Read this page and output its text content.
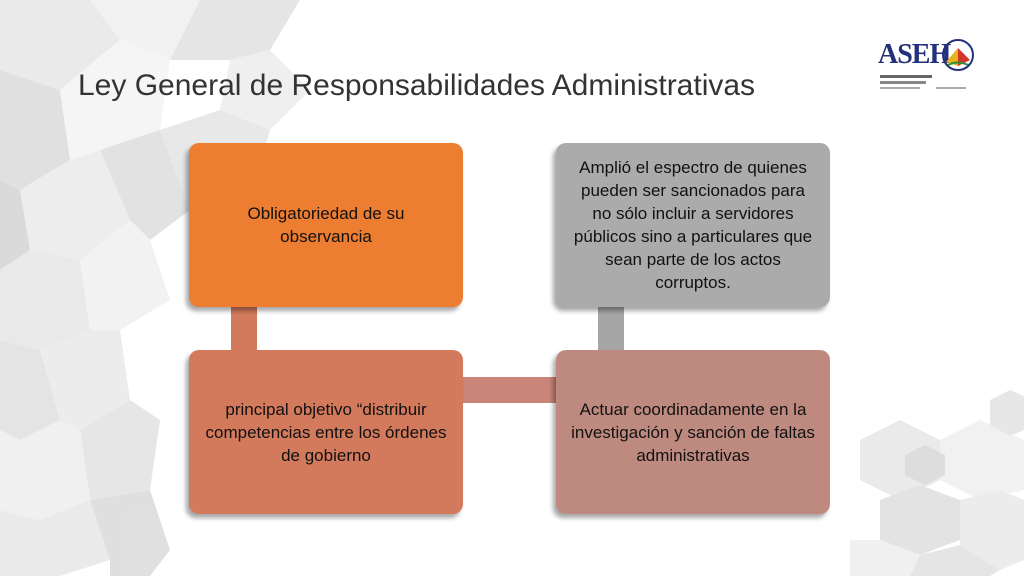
Ley General de Responsabilidades Administrativas
ASEH
Obligatoriedad de su observancia
principal objetivo “distribuir competencias entre los órdenes de gobierno
Amplió el espectro de quienes pueden ser sancionados para no sólo incluir a servidores públicos sino a particulares que sean parte de los actos corruptos.
Actuar coordinadamente en la investigación y sanción de faltas administrativas
